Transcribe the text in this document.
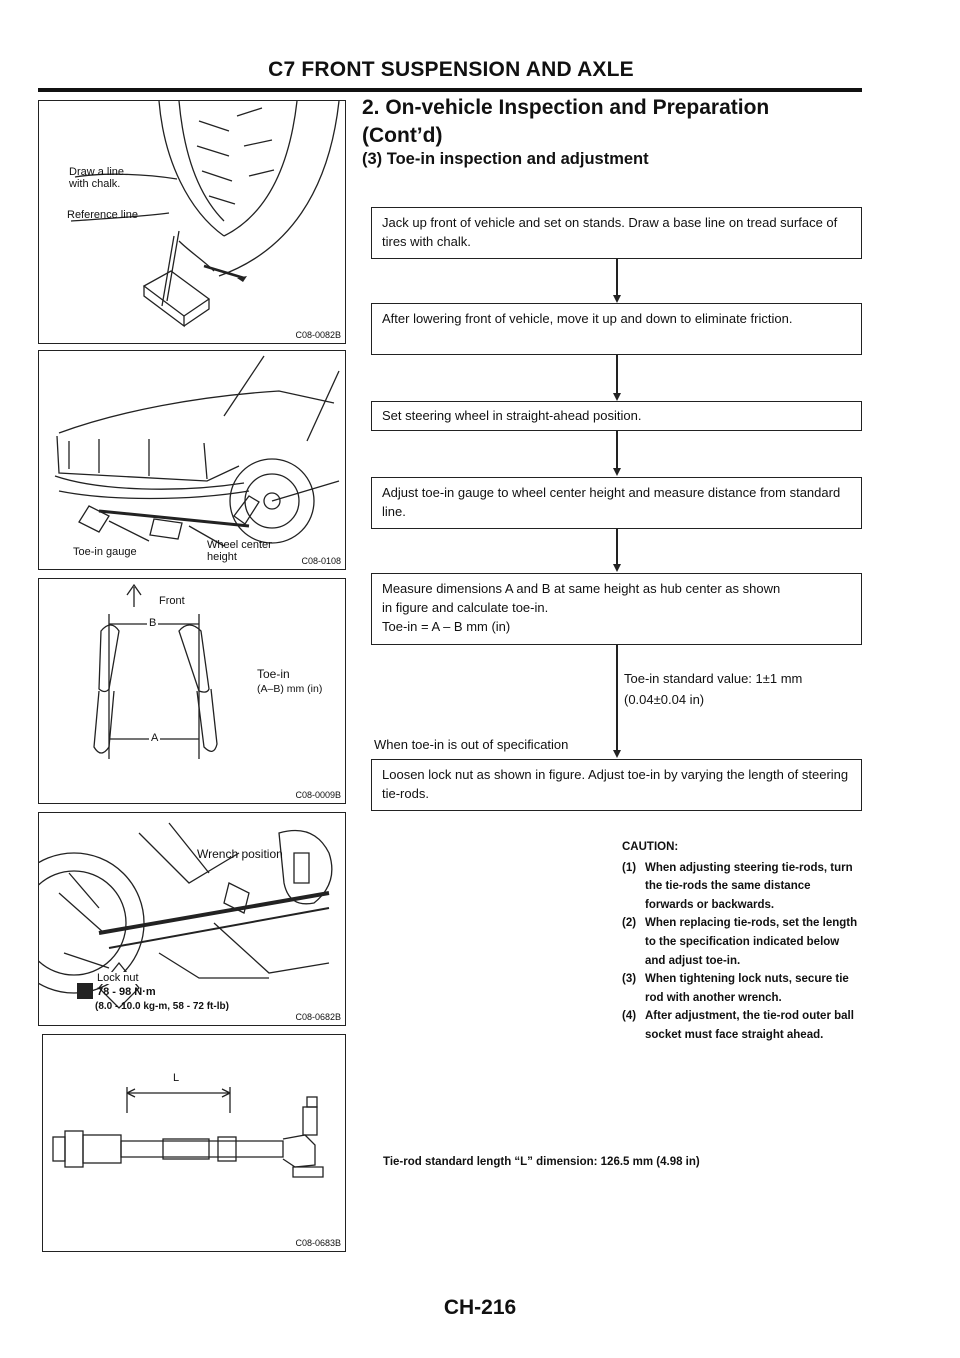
C7 FRONT SUSPENSION AND AXLE
2. On-vehicle Inspection and Preparation
(Cont’d)
(3) Toe-in inspection and adjustment
Draw a line
with chalk.
Reference line
C08-0082B
Toe-in gauge
Wheel center
height	C08-0108
Front
B
A
Toe-in
(A–B) mm (in)
C08-0009B
Wrench position
Lock nut
78 - 98 N·m
(8.0 - 10.0 kg-m, 58 - 72 ft-lb)
C08-0682B
L
C08-0683B
Jack up front of vehicle and set on stands. Draw a base line on tread surface of tires with chalk.
After lowering front of vehicle, move it up and down to eliminate friction.
Set steering wheel in straight-ahead position.
Adjust toe-in gauge to wheel center height and measure distance from standard line.
Measure dimensions A and B at same height as hub center as shown
in figure and calculate toe-in.
Toe-in = A – B mm (in)
Toe-in standard value: 1±1 mm
(0.04±0.04 in)
When toe-in is out of specification
Loosen lock nut as shown in figure. Adjust toe-in by varying the length of steering tie-rods.
CAUTION:
(1) When adjusting steering tie-rods, turn the tie-rods the same distance forwards or backwards.
(2) When replacing tie-rods, set the length to the specification indicated below and adjust toe-in.
(3) When tightening lock nuts, secure tie rod with another wrench.
(4) After adjustment, the tie-rod outer ball socket must face straight ahead.
Tie-rod standard length “L” dimension: 126.5 mm (4.98 in)
CH-216
